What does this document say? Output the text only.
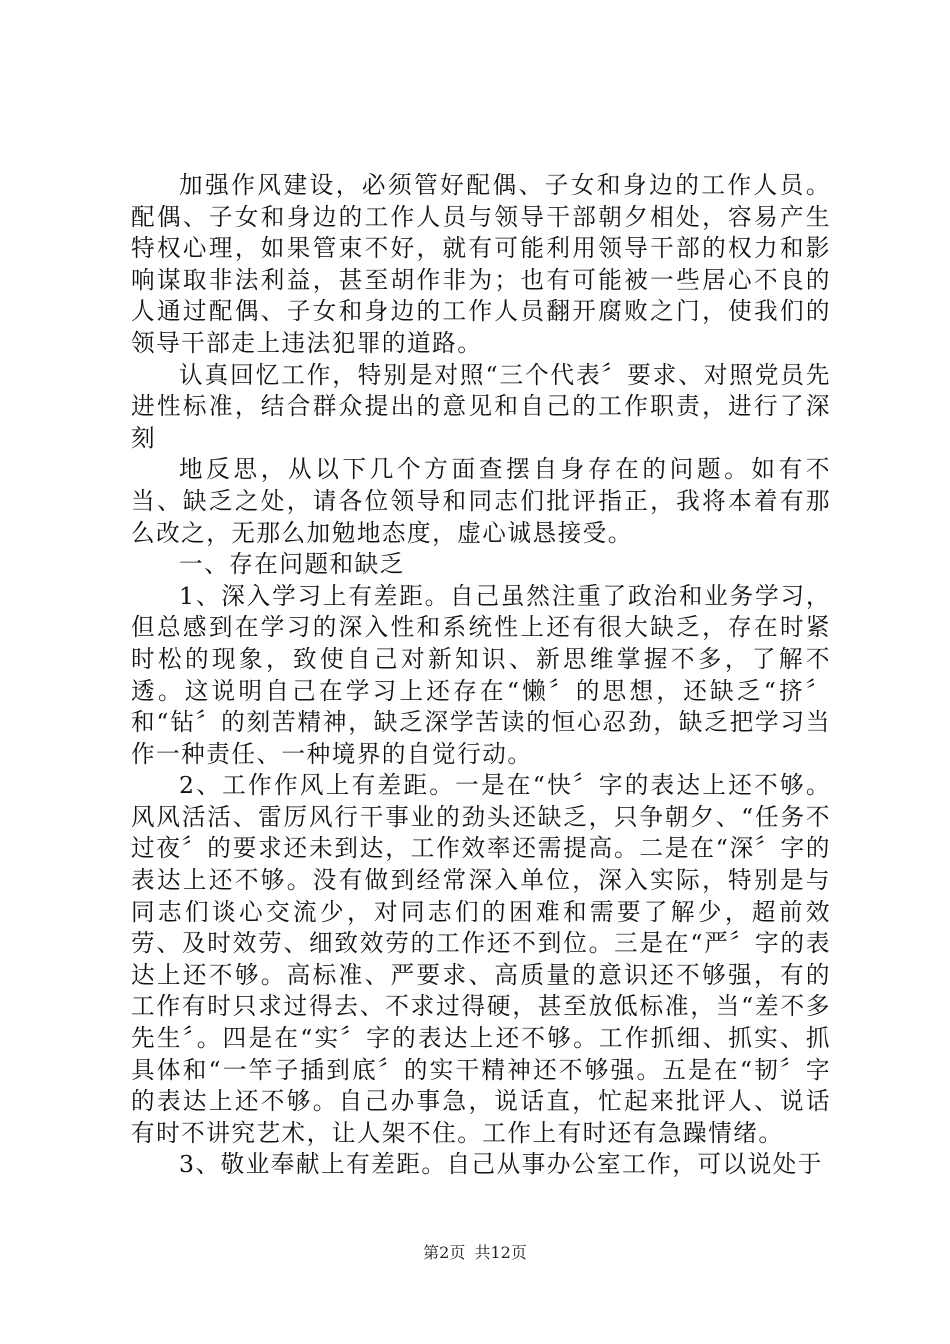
加强作风建设，必须管好配偶、子女和身边的工作人员。配偶、子女和身边的工作人员与领导干部朝夕相处，容易产生特权心理，如果管束不好，就有可能利用领导干部的权力和影响谋取非法利益，甚至胡作非为；也有可能被一些居心不良的人通过配偶、子女和身边的工作人员翻开腐败之门，使我们的领导干部走上违法犯罪的道路。

认真回忆工作，特别是对照“三个代表〞要求、对照党员先进性标准，结合群众提出的意见和自己的工作职责，进行了深刻

地反思，从以下几个方面查摆自身存在的问题。如有不当、缺乏之处，请各位领导和同志们批评指正，我将本着有那么改之，无那么加勉地态度，虚心诚恳接受。

一、存在问题和缺乏

1、深入学习上有差距。自己虽然注重了政治和业务学习，但总感到在学习的深入性和系统性上还有很大缺乏，存在时紧时松的现象，致使自己对新知识、新思维掌握不多，了解不透。这说明自己在学习上还存在“懒〞的思想，还缺乏“挤〞和“钻〞的刻苦精神，缺乏深学苦读的恒心忍劲，缺乏把学习当作一种责任、一种境界的自觉行动。

2、工作作风上有差距。一是在“快〞字的表达上还不够。风风活活、雷厉风行干事业的劲头还缺乏，只争朝夕、“任务不过夜〞的要求还未到达，工作效率还需提高。二是在“深〞字的表达上还不够。没有做到经常深入单位，深入实际，特别是与同志们谈心交流少，对同志们的困难和需要了解少，超前效劳、及时效劳、细致效劳的工作还不到位。三是在“严〞字的表达上还不够。高标准、严要求、高质量的意识还不够强，有的工作有时只求过得去、不求过得硬，甚至放低标准，当“差不多先生〞。四是在“实〞字的表达上还不够。工作抓细、抓实、抓具体和“一竿子插到底〞的实干精神还不够强。五是在“韧〞字的表达上还不够。自己办事急，说话直，忙起来批评人、说话有时不讲究艺术，让人架不住。工作上有时还有急躁情绪。

3、敬业奉献上有差距。自己从事办公室工作，可以说处于

第2页 共12页
